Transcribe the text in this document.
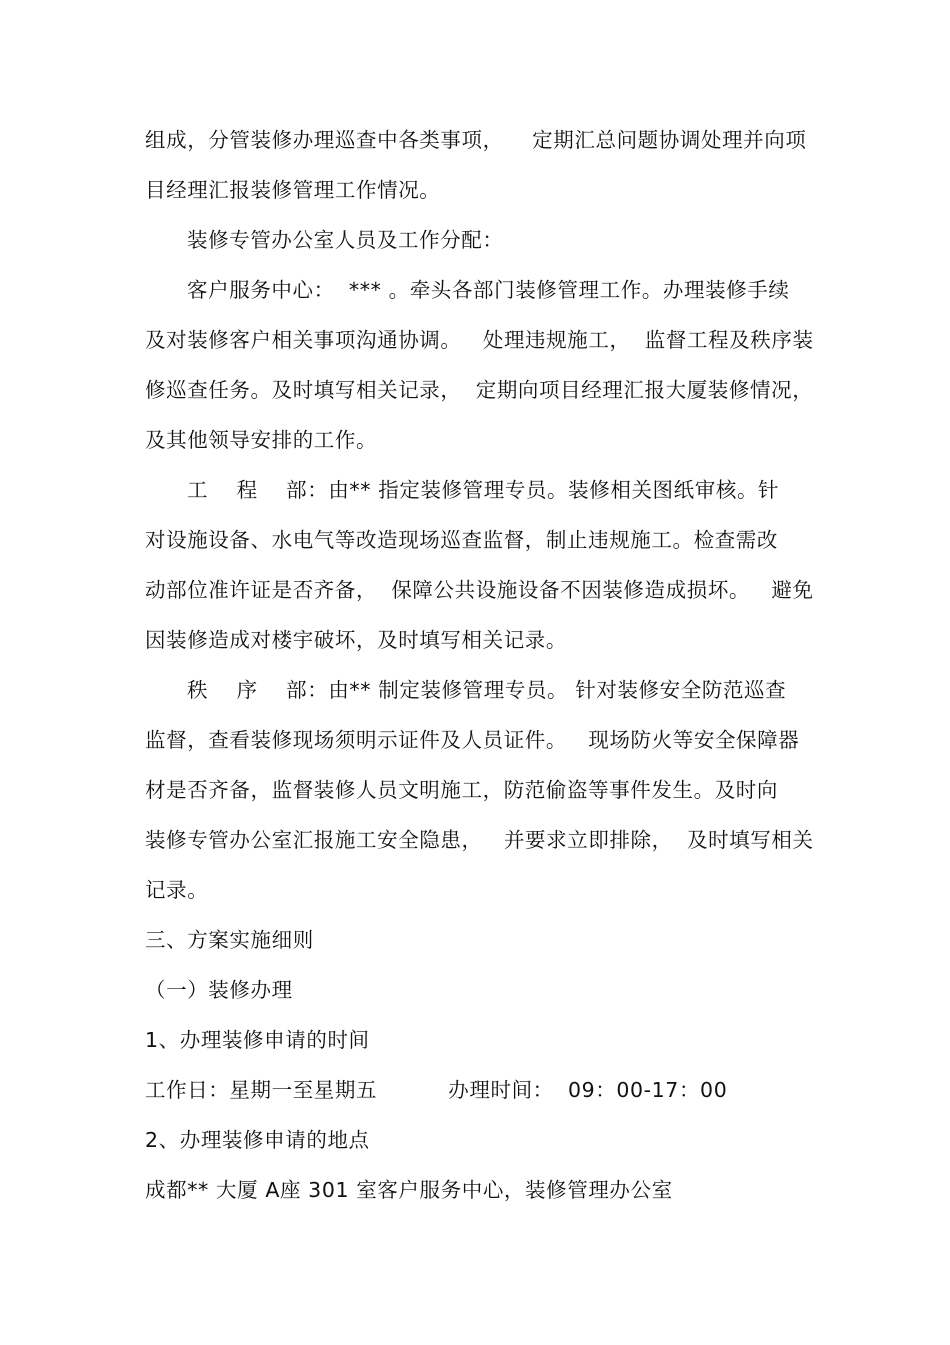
组成，分管装修办理巡查中各类事项，    定期汇总问题协调处理并向项
目经理汇报装修管理工作情况。
装修专管办公室人员及工作分配：
客户服务中心：  *** 。牵头各部门装修管理工作。办理装修手续
及对装修客户相关事项沟通协调。   处理违规施工，  监督工程及秩序装
修巡查任务。及时填写相关记录，  定期向项目经理汇报大厦装修情况，
及其他领导安排的工作。
工    程    部：由** 指定装修管理专员。装修相关图纸审核。针
对设施设备、水电气等改造现场巡查监督，制止违规施工。检查需改
动部位准许证是否齐备，  保障公共设施设备不因装修造成损坏。   避免
因装修造成对楼宇破坏，及时填写相关记录。
秩    序    部：由** 制定装修管理专员。 针对装修安全防范巡查
监督，查看装修现场须明示证件及人员证件。   现场防火等安全保障器
材是否齐备，监督装修人员文明施工，防范偷盗等事件发生。及时向
装修专管办公室汇报施工安全隐患，   并要求立即排除，  及时填写相关
记录。
三、方案实施细则
（一）装修办理
1、办理装修申请的时间
工作日：星期一至星期五          办理时间：  09：00-17：00
2、办理装修申请的地点
成都** 大厦 A座 301 室客户服务中心，装修管理办公室
